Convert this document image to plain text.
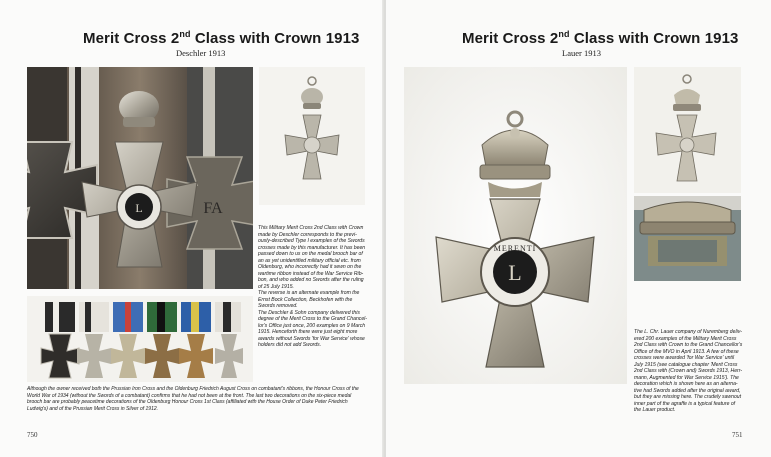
Merit Cross 2nd Class with Crown 1913
Deschler 1913
FA
L

This Military Merit Cross 2nd Class with Crown

made by Deschler corresponds to the previ-

ously-described Type I examples of the Swords

crosses made by this manufacturer. It has been

passed down to us on the medal brooch bar of

an as yet unidentified military official etc. from

Oldenburg, who incorrectly had it sewn on the

wartime ribbon instead of the War Service Rib-

bon, and who added no Swords after the ruling

of 25 July 1915.

The reverse is an alternate example from the

Ernst Bock Collection, Beckhofen with the

Swords removed.

The Deschler & Sohn company delivered this

degree of the Merit Cross to the Grand Chancel-

lor's Office just once, 200 examples on 9 March

1915. Henceforth there were just eight more

awards without Swords 'for War Service' whose

holders did not add Swords.

Although the owner received both the Prussian Iron Cross and the Oldenburg Friedrich August Cross on combatant's ribbons, the Honour Cross of the

World War of 1934 (without the Swords of a combatant) confirms that he had not been at the front. The last two decorations on the six-piece medal

brooch bar are probably peacetime decorations of the Oldenburg Honour Cross 1st Class (affiliated with the House Order of Duke Peter Friedrich

Ludwig's) and of the Prussian Merit Cross in Silver of 1912.

750
Merit Cross 2nd Class with Crown 1913
Lauer 1913
L
MERENTI

The L. Chr. Lauer company of Nuremberg deliv-

ered 200 examples of the Military Merit Cross

2nd Class with Crown to the Grand Chancellor's

Office of the MVO in April 1913. A few of these

crosses were awarded 'for War Service' until

July 1915 (see catalogue chapter 'Merit Cross

2nd Class with (Crown and) Swords 1913, Herr-

mann, Augmented for War Service 1915'). The

decoration which is shown here as an alterna-

tive had Swords added after the original award,

but they are missing here. The crudely sawnout

inner part of the agraffe is a typical feature of

the Lauer product.

751
